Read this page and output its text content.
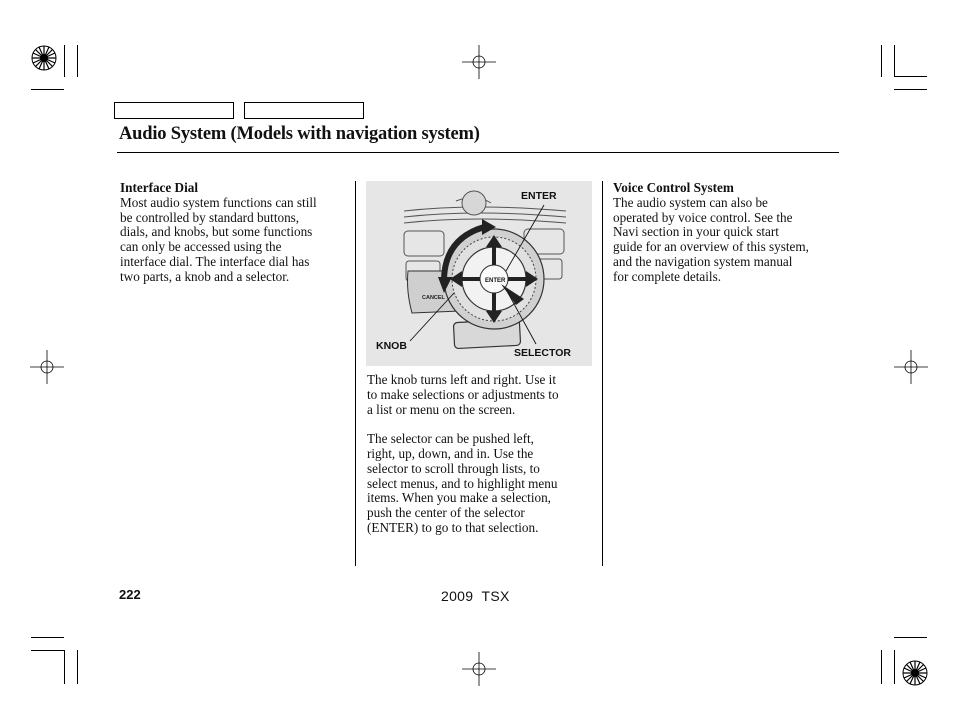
Audio System (Models with navigation system)
Interface Dial
Most audio system functions can still
be controlled by standard buttons,
dials, and knobs, but some functions
can only be accessed using the
interface dial. The interface dial has
two parts, a knob and a selector.
CANCEL
ENTER
ENTER
KNOB
SELECTOR
The knob turns left and right. Use it
to make selections or adjustments to
a list or menu on the screen.
The selector can be pushed left,
right, up, down, and in. Use the
selector to scroll through lists, to
select menus, and to highlight menu
items. When you make a selection,
push the center of the selector
(ENTER) to go to that selection.
Voice Control System
The audio system can also be
operated by voice control. See the
Navi section in your quick start
guide for an overview of this system,
and the navigation system manual
for complete details.
222	2009  TSX
